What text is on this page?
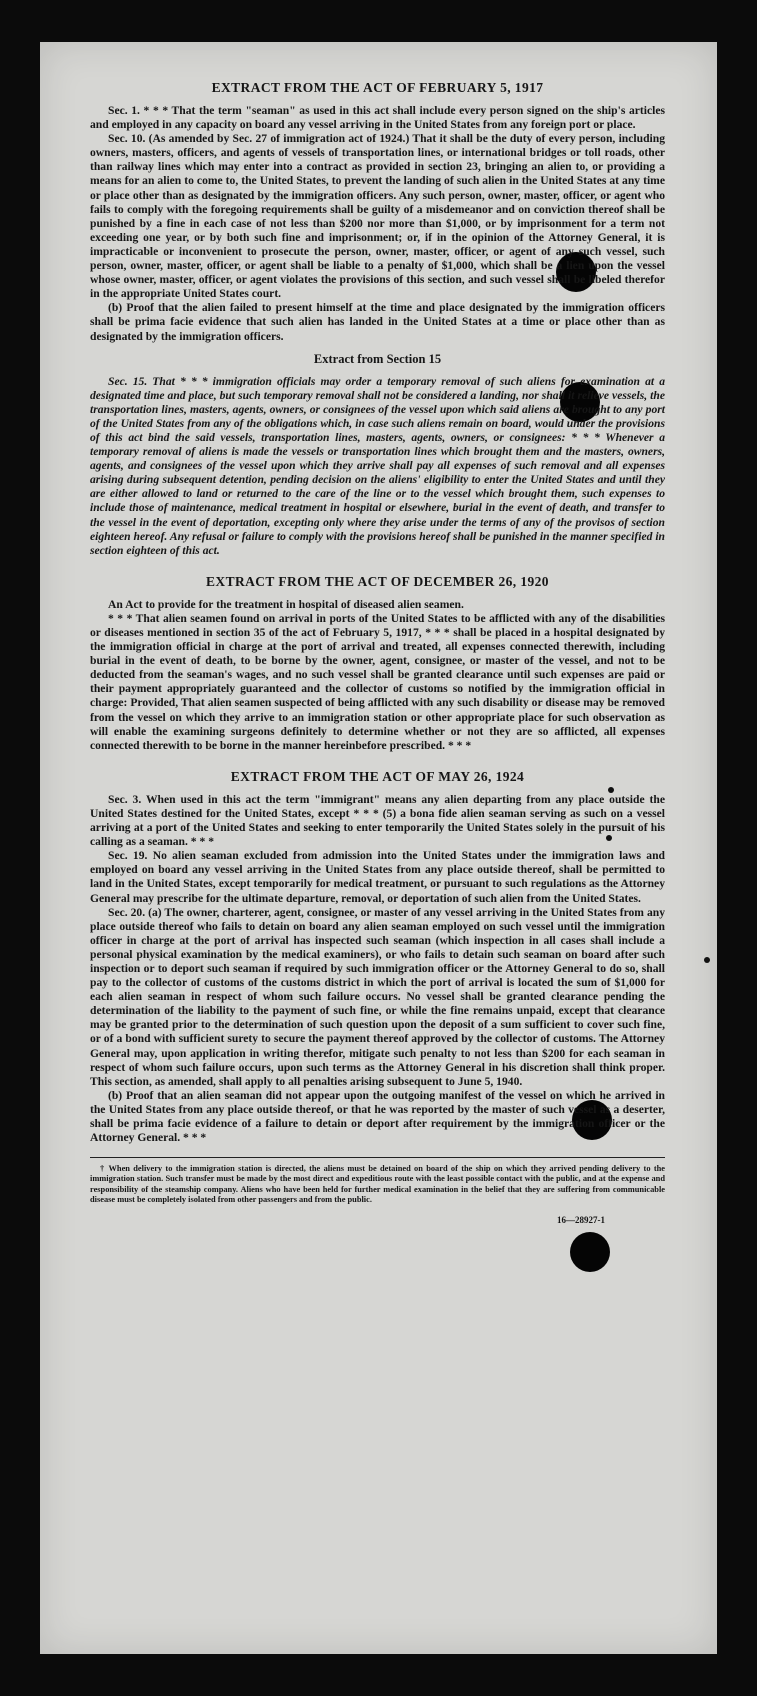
EXTRACT FROM THE ACT OF FEBRUARY 5, 1917

Sec. 1. * * * That the term "seaman" as used in this act shall include every person signed on the ship's articles and employed in any capacity on board any vessel arriving in the United States from any foreign port or place.

Sec. 10. (As amended by Sec. 27 of immigration act of 1924.) That it shall be the duty of every person, including owners, masters, officers, and agents of vessels of transportation lines, or international bridges or toll roads, other than railway lines which may enter into a contract as provided in section 23, bringing an alien to, or providing a means for an alien to come to, the United States, to prevent the landing of such alien in the United States at any time or place other than as designated by the immigration officers. Any such person, owner, master, officer, or agent who fails to comply with the foregoing requirements shall be guilty of a misdemeanor and on conviction thereof shall be punished by a fine in each case of not less than $200 nor more than $1,000, or by imprisonment for a term not exceeding one year, or by both such fine and imprisonment; or, if in the opinion of the Attorney General, it is impracticable or inconvenient to prosecute the person, owner, master, officer, or agent of any such vessel, such person, owner, master, officer, or agent shall be liable to a penalty of $1,000, which shall be a lien upon the vessel whose owner, master, officer, or agent violates the provisions of this section, and such vessel shall be libeled therefor in the appropriate United States court.

(b) Proof that the alien failed to present himself at the time and place designated by the immigration officers shall be prima facie evidence that such alien has landed in the United States at a time or place other than as designated by the immigration officers.

Extract from Section 15

Sec. 15. That * * * immigration officials may order a temporary removal of such aliens for examination at a designated time and place, but such temporary removal shall not be considered a landing, nor shall it relieve vessels, the transportation lines, masters, agents, owners, or consignees of the vessel upon which said aliens are brought to any port of the United States from any of the obligations which, in case such aliens remain on board, would under the provisions of this act bind the said vessels, transportation lines, masters, agents, owners, or consignees: * * * Whenever a temporary removal of aliens is made the vessels or transportation lines which brought them and the masters, owners, agents, and consignees of the vessel upon which they arrive shall pay all expenses of such removal and all expenses arising during subsequent detention, pending decision on the aliens' eligibility to enter the United States and until they are either allowed to land or returned to the care of the line or to the vessel which brought them, such expenses to include those of maintenance, medical treatment in hospital or elsewhere, burial in the event of death, and transfer to the vessel in the event of deportation, excepting only where they arise under the terms of any of the provisos of section eighteen hereof. Any refusal or failure to comply with the provisions hereof shall be punished in the manner specified in section eighteen of this act.

EXTRACT FROM THE ACT OF DECEMBER 26, 1920

An Act to provide for the treatment in hospital of diseased alien seamen.

* * * That alien seamen found on arrival in ports of the United States to be afflicted with any of the disabilities or diseases mentioned in section 35 of the act of February 5, 1917, * * * shall be placed in a hospital designated by the immigration official in charge at the port of arrival and treated, all expenses connected therewith, including burial in the event of death, to be borne by the owner, agent, consignee, or master of the vessel, and not to be deducted from the seaman's wages, and no such vessel shall be granted clearance until such expenses are paid or their payment appropriately guaranteed and the collector of customs so notified by the immigration official in charge: Provided, That alien seamen suspected of being afflicted with any such disability or disease may be removed from the vessel on which they arrive to an immigration station or other appropriate place for such observation as will enable the examining surgeons definitely to determine whether or not they are so afflicted, all expenses connected therewith to be borne in the manner hereinbefore prescribed. * * *

EXTRACT FROM THE ACT OF MAY 26, 1924

Sec. 3. When used in this act the term "immigrant" means any alien departing from any place outside the United States destined for the United States, except * * * (5) a bona fide alien seaman serving as such on a vessel arriving at a port of the United States and seeking to enter temporarily the United States solely in the pursuit of his calling as a seaman. * * *

Sec. 19. No alien seaman excluded from admission into the United States under the immigration laws and employed on board any vessel arriving in the United States from any place outside thereof, shall be permitted to land in the United States, except temporarily for medical treatment, or pursuant to such regulations as the Attorney General may prescribe for the ultimate departure, removal, or deportation of such alien from the United States.

Sec. 20. (a) The owner, charterer, agent, consignee, or master of any vessel arriving in the United States from any place outside thereof who fails to detain on board any alien seaman employed on such vessel until the immigration officer in charge at the port of arrival has inspected such seaman (which inspection in all cases shall include a personal physical examination by the medical examiners), or who fails to detain such seaman on board after such inspection or to deport such seaman if required by such immigration officer or the Attorney General to do so, shall pay to the collector of customs of the customs district in which the port of arrival is located the sum of $1,000 for each alien seaman in respect of whom such failure occurs. No vessel shall be granted clearance pending the determination of the liability to the payment of such fine, or while the fine remains unpaid, except that clearance may be granted prior to the determination of such question upon the deposit of a sum sufficient to cover such fine, or of a bond with sufficient surety to secure the payment thereof approved by the collector of customs. The Attorney General may, upon application in writing therefor, mitigate such penalty to not less than $200 for each seaman in respect of whom such failure occurs, upon such terms as the Attorney General in his discretion shall think proper. This section, as amended, shall apply to all penalties arising subsequent to June 5, 1940.

(b) Proof that an alien seaman did not appear upon the outgoing manifest of the vessel on which he arrived in the United States from any place outside thereof, or that he was reported by the master of such vessel as a deserter, shall be prima facie evidence of a failure to detain or deport after requirement by the immigration officer or the Attorney General. * * *

† When delivery to the immigration station is directed, the aliens must be detained on board of the ship on which they arrived pending delivery to the immigration station. Such transfer must be made by the most direct and expeditious route with the least possible contact with the public, and at the expense and responsibility of the steamship company. Aliens who have been held for further medical examination in the belief that they are suffering from communicable disease must be completely isolated from other passengers and from the public.
16—28927-1
